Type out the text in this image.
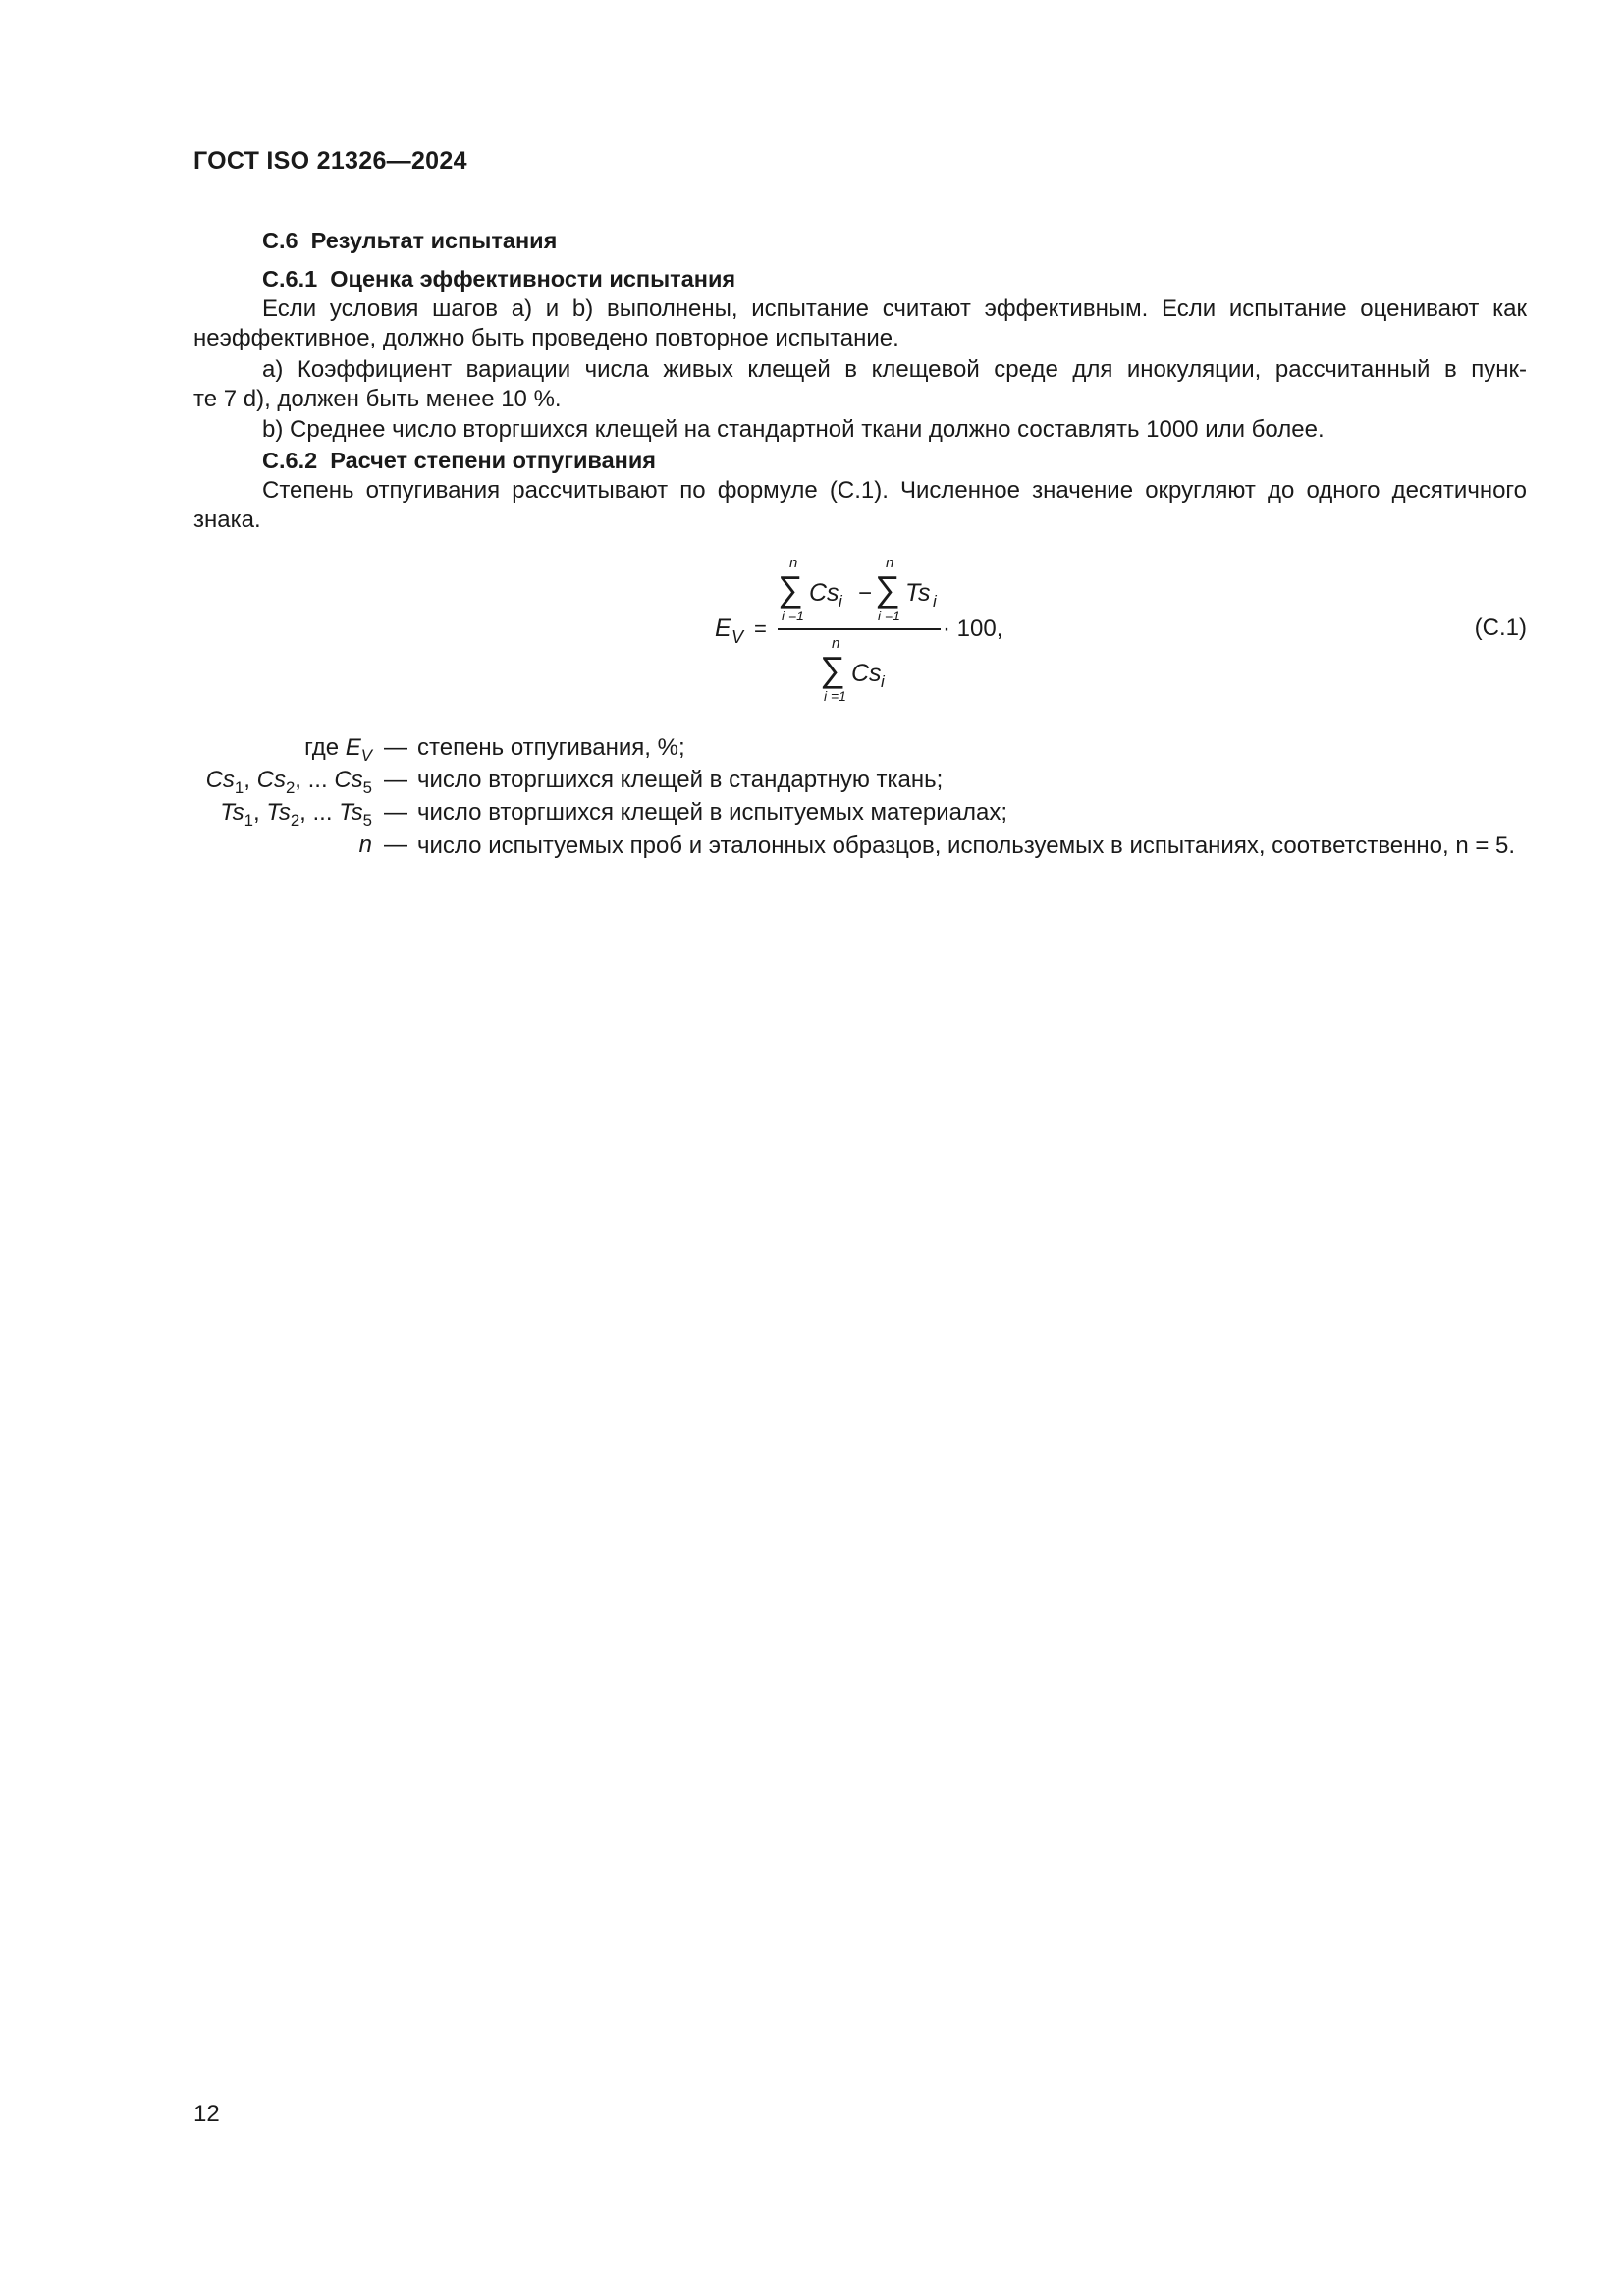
ГОСТ ISO 21326—2024
С.6 Результат испытания
С.6.1 Оценка эффективности испытания
Если условия шагов а) и b) выполнены, испытание считают эффективным. Если испытание оценивают как неэффективное, должно быть проведено повторное испытание.
а) Коэффициент вариации числа живых клещей в клещевой среде для инокуляции, рассчитанный в пунк-
те 7 d), должен быть менее 10 %.
b) Среднее число вторгшихся клещей на стандартной ткани должно составлять 1000 или более.
С.6.2 Расчет степени отпугивания
Степень отпугивания рассчитывают по формуле (С.1). Численное значение округляют до одного десятичного знака.
E V =
n
∑
i =1
Cs i −
n
∑
i =1
Ts i
n
∑
i =1
Cs i
· 100,	(С.1)
где $E_V$ — степень отпугивания, %;
$Cs_1$, $Cs_2$, ... $Cs_5$ — число вторгшихся клещей в стандартную ткань;
$Ts_1$, $Ts_2$, ... $Ts_5$ — число вторгшихся клещей в испытуемых материалах;
n — число испытуемых проб и эталонных образцов, используемых в испытаниях, соответственно, n = 5.
12
